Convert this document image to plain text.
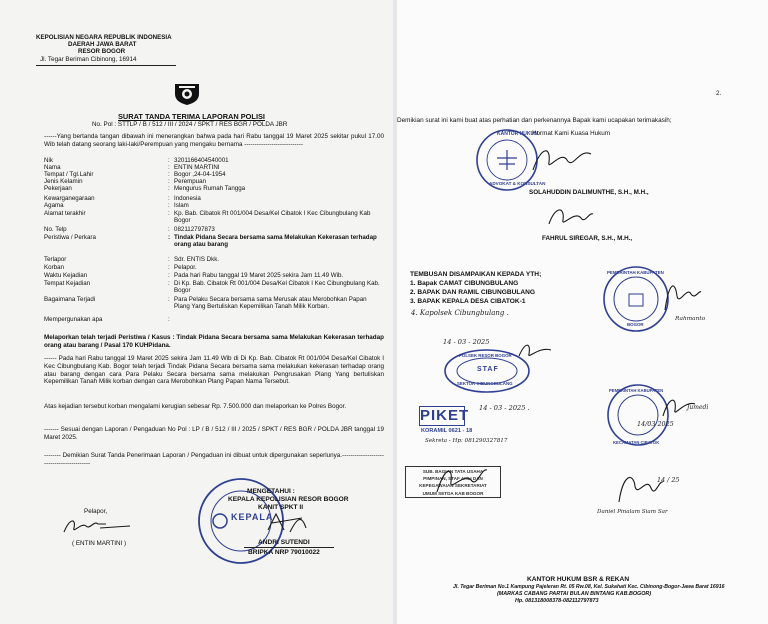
KEPOLISIAN NEGARA REPUBLIK INDONESIA
DAERAH JAWA BARAT
RESOR BOGOR
Jl. Tegar Beriman Cibinong, 16914
SURAT TANDA TERIMA LAPORAN POLISI
No. Pol : STTLP / B / 512 / III / 2024 / SPKT / RES BGR / POLDA JBR
------Yang bertanda tangan dibawah ini menerangkan bahwa pada hari Rabu tanggal 19 Maret 2025 sekitar pukul 17.00 Wib telah datang seorang laki-laki/Perempuan yang mengaku bernama ----------------------------
Nik	: 3201166404540001
Nama	: ENTIN MARTINI
Tempat / Tgl.Lahir	: Bogor ,24-04-1954
Jenis Kelamin	: Perempuan
Pekerjaan	: Mengurus Rumah Tangga
Kewarganegaraan	: Indonesia
Agama	: Islam
Alamat terakhir	: Kp. Bab. Cibatok Rt 001/004 Desa/Kel Cibatok I Kec Cibungbulang Kab Bogor
No. Telp	: 082112797873
Peristiwa / Perkara	: Tindak Pidana Secara bersama sama Melakukan Kekerasan terhadap orang atau barang
Terlapor	: Sdr. ENTIS Dkk.
Korban	: Pelapor.
Waktu Kejadian	: Pada hari Rabu tanggal 19 Maret 2025 sekira Jam 11.49 Wib.
Tempat Kejadian	: Di Kp. Bab. Cibatok Rt 001/004 Desa/Kel Cibatok I Kec Cibungbulang Kab. Bogor
Bagaimana Terjadi	: Para Pelaku Secara bersama sama Merusak atau Merobohkan Papan Plang Yang Bertuliskan Kepemilikan Tanah Milik Korban.
Mempergunakan apa	:
Melaporkan telah terjadi Peristiwa / Kasus : Tindak Pidana Secara bersama sama Melakukan Kekerasan terhadap orang atau barang / Pasal 170 KUHPidana.
------ Pada hari Rabu tanggal 19 Maret 2025 sekira Jam 11.49 Wib di Di Kp. Bab. Cibatok Rt 001/004 Desa/Kel Cibatok I Kec Cibungbulang Kab. Bogor telah terjadi Tindak Pidana Secara bersama sama melakukan kekerasan terhadap orang atau barang dengan cara Para Pelaku Secara bersama sama melakukan Pengrusakan Plang Yang bertuliskan Kepemilikan Tanah Milik korban dengan cara Merobohkan Plang Papan Nama Tersebut.
Atas kejadian tersebut korban mengalami kerugian sebesar Rp. 7.500.000 dan melaporkan ke Polres Bogor.
------- Sesuai dengan Laporan / Pengaduan No Pol : LP / B / 512 / III / 2025 / SPKT / RES BGR / POLDA JBR tanggal 19 Maret 2025.
-------- Demikian Surat Tanda Penerimaan Laporan / Pengaduan ini dibuat untuk dipergunakan seperlunya.------------------------------------------
Pelapor,
( ENTIN MARTINI )
KEPALA
MENGETAHUI :
KEPALA KEPOLISIAN RESOR BOGOR
KANIT SPKT II
ANDRI SUTENDI
BRIPKA NRP 79010022
2.
Demikian surat ini kami buat atas perhatian dan perkenannya Bapak kami ucapakan terimakasih;
Hormat Kami Kuasa Hukum
KANTOR HUKUM
ADVOKAT & KONSULTAN
SOLAHUDDIN DALIMUNTHE, S.H., M.H.,
FAHRUL SIREGAR, S.H., M.H.,
TEMBUSAN DISAMPAIKAN KEPADA YTH;
1. Bapak CAMAT CIBUNGBULANG
2. BAPAK DAN RAMIL CIBUNGBULANG
3. BAPAK KEPALA DESA CIBATOK-1
4. Kapolsek Cibungbulang .
POLSEK RESOR BOGOR
STAF
SEKTOR CIBUNGBULANG
14 - 03 - 2025
PIKET 14 - 03 - 2025 .
KORAMIL 0621 - 18
Sekreta - Hp: 081290327817
SUB. BAGIAN TATA USAHA
PIMPINAN, STAF AHLI DAN
KEPEGAWAIAN SEKRETARIAT
UMUM SETDA KAB BOGOR
PEMERINTAH KABUPATEN
BOGOR
Rahmanto
PEMERINTAH KABUPATEN
KECAMATAN CIBATOK
14/03 2025
Jumedi
14 / 25
Daniel Pinalam Siam Sar
KANTOR HUKUM BSR & REKAN
Jl. Tegar Beriman No.1 Kampung Pajeleran Rt. 05 Rw.08, Kel. Sukahati Kec. Cibinong-Bogor-Jawa Barat 16916
(MARKAS CABANG PARTAI BULAN BINTANG KAB.BOGOR)
Hp. 081318008378-082112797873
